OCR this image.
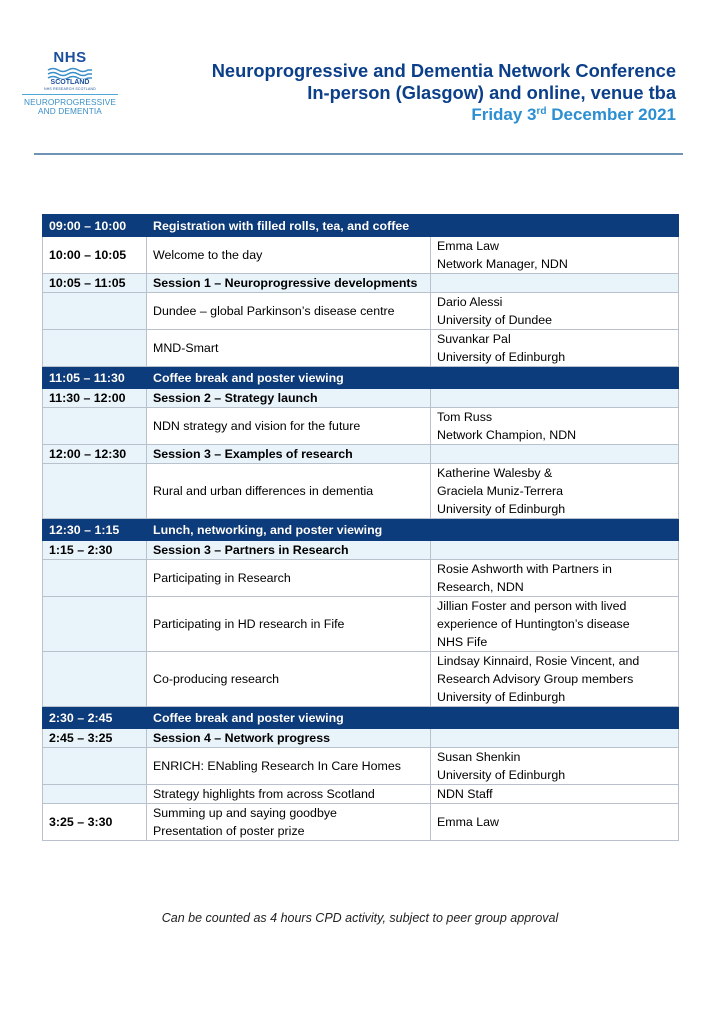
NHS
SCOTLAND
NHS RESEARCH SCOTLAND
NEUROPROGRESSIVE
AND DEMENTIA
Neuroprogressive and Dementia Network Conference
In-person (Glasgow) and online, venue tba
Friday 3rd December 2021
09:00 – 10:00	Registration with filled rolls, tea, and coffee	
10:00 – 10:05	Welcome to the day	Emma Law
Network Manager, NDN

10:05 – 11:05	Session 1 – Neuroprogressive developments	
	Dundee – global Parkinson’s disease centre	Dario Alessi
University of Dundee

	MND-Smart	Suvankar Pal
University of Edinburgh

11:05 – 11:30	Coffee break and poster viewing	
11:30 – 12:00	Session 2 – Strategy launch	
	NDN strategy and vision for the future	Tom Russ
Network Champion, NDN

12:00 – 12:30	Session 3 – Examples of research	
	Rural and urban differences in dementia	Katherine Walesby &
Graciela Muniz-Terrera
University of Edinburgh

12:30 – 1:15	Lunch, networking, and poster viewing	
1:15 – 2:30	Session 3 – Partners in Research	
	Participating in Research	Rosie Ashworth with Partners in
Research, NDN

	Participating in HD research in Fife	Jillian Foster and person with lived
experience of Huntington’s disease
NHS Fife

	Co-producing research	Lindsay Kinnaird, Rosie Vincent, and
Research Advisory Group members
University of Edinburgh

2:30 – 2:45	Coffee break and poster viewing	
2:45 – 3:25	Session 4 – Network progress	
	ENRICH: ENabling Research In Care Homes	Susan Shenkin
University of Edinburgh

	Strategy highlights from across Scotland	NDN Staff

3:25 – 3:30	Summing up and saying goodbye
Presentation of poster prize	Emma Law
Can be counted as 4 hours CPD activity, subject to peer group approval
